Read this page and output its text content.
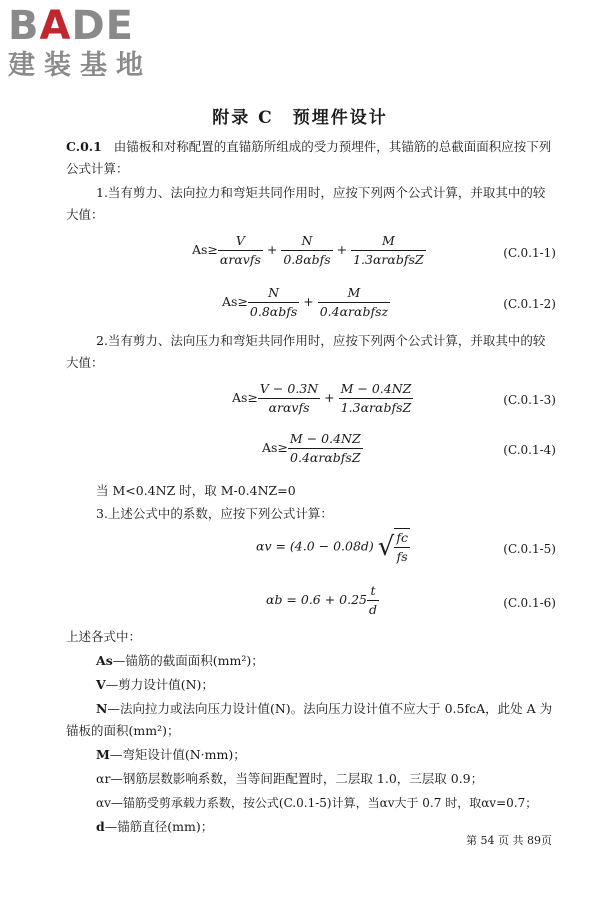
BADE
建装基地
附录 C　预埋件设计
C.0.1 由锚板和对称配置的直锚筋所组成的受力预埋件，其锚筋的总截面面积应按下列公式计算：
1.当有剪力、法向拉力和弯矩共同作用时，应按下列两个公式计算，并取其中的较大值：
$As\ge \frac{V}{\text{αrαvfs}} + \frac{N}{\text{0.8αbfs}} + \frac{M}{\text{1.3αrαbfsZ}}$	(C.0.1-1)
$As\ge \frac{N}{\text{0.8αbfs}} + \frac{M}{\text{0.4αrαbfsz}}$	(C.0.1-2)
2.当有剪力、法向压力和弯矩共同作用时，应按下列两个公式计算，并取其中的较大值：
$As\ge \frac{V - 0.3N}{\text{αrαvfs}} + \frac{M - 0.4NZ}{\text{1.3αrαbfsZ}}$	(C.0.1-3)
$As\ge \frac{M - 0.4NZ}{\text{0.4αrαbfsZ}}$	(C.0.1-4)
当 M<0.4NZ 时，取 M-0.4NZ=0
3.上述公式中的系数，应按下列公式计算：
αv = (4.0 − 0.08d) √ $\frac{fc}{fs}$	(C.0.1-5)
$\alpha b = 0.6 + 0.25 \frac{t}{d}$	(C.0.1-6)
上述各式中：
As—锚筋的截面面积(mm²)；
V—剪力设计值(N)；
N—法向拉力或法向压力设计值(N)。法向压力设计值不应大于 0.5fcA，此处 A 为锚板的面积(mm²)；
M—弯矩设计值(N·mm)；
αr—钢筋层数影响系数，当等间距配置时，二层取 1.0，三层取 0.9；
αv—锚筋受剪承载力系数，按公式(C.0.1-5)计算，当αv大于 0.7 时，取αv=0.7；
d—锚筋直径(mm)；
第 54 页 共 89页
